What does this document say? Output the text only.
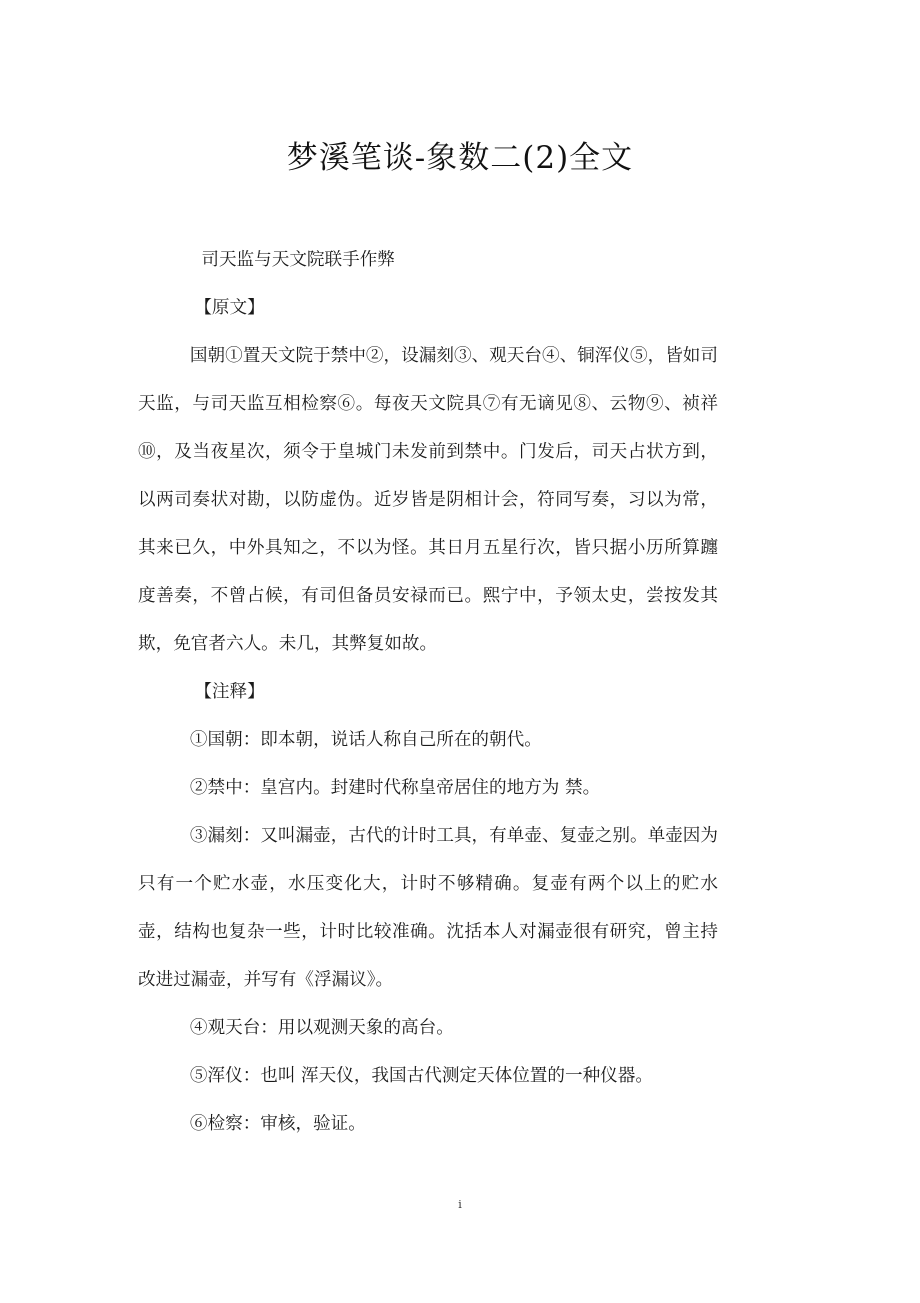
梦溪笔谈-象数二(2)全文

司天监与天文院联手作弊

【原文】

国朝①置天文院于禁中②，设漏刻③、观天台④、铜浑仪⑤，皆如司天监，与司天监互相检察⑥。每夜天文院具⑦有无谪见⑧、云物⑨、祯祥⑩，及当夜星次，须令于皇城门未发前到禁中。门发后，司天占状方到，以两司奏状对勘，以防虚伪。近岁皆是阴相计会，符同写奏，习以为常，其来已久，中外具知之，不以为怪。其日月五星行次，皆只据小历所算躔度善奏，不曾占候，有司但备员安禄而已。熙宁中，予领太史，尝按发其欺，免官者六人。未几，其弊复如故。

【注释】

①国朝：即本朝，说话人称自己所在的朝代。

②禁中：皇宫内。封建时代称皇帝居住的地方为 禁。

③漏刻：又叫漏壶，古代的计时工具，有单壶、复壶之别。单壶因为只有一个贮水壶，水压变化大，计时不够精确。复壶有两个以上的贮水壶，结构也复杂一些，计时比较准确。沈括本人对漏壶很有研究，曾主持改进过漏壶，并写有《浮漏议》。

④观天台：用以观测天象的高台。

⑤浑仪：也叫 浑天仪，我国古代测定天体位置的一种仪器。

⑥检察：审核，验证。

i
